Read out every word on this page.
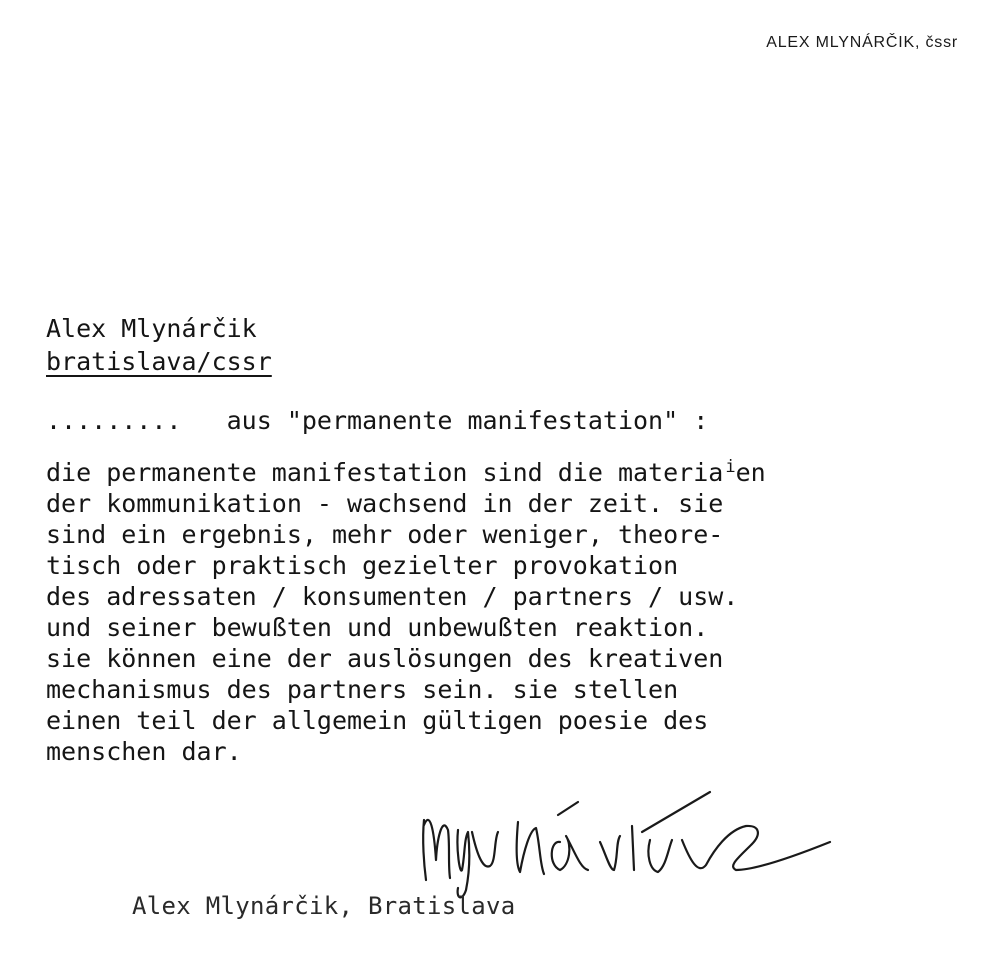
ALEX MLYNÁRČIK, čssr
Alex Mlynárčik
bratislava/cssr
......... aus "permanente manifestation" :
die permanente manifestation sind die materia $^i$en
der kommunikation - wachsend in der zeit. sie
sind ein ergebnis, mehr oder weniger, theore-
tisch oder praktisch gezielter provokation
des adressaten / konsumenten / partners / usw.
und seiner bewußten und unbewußten reaktion.
sie können eine der auslösungen des kreativen
mechanismus des partners sein. sie stellen
einen teil der allgemein gültigen poesie des
menschen dar.
Alex Mlynárčik, Bratislava
